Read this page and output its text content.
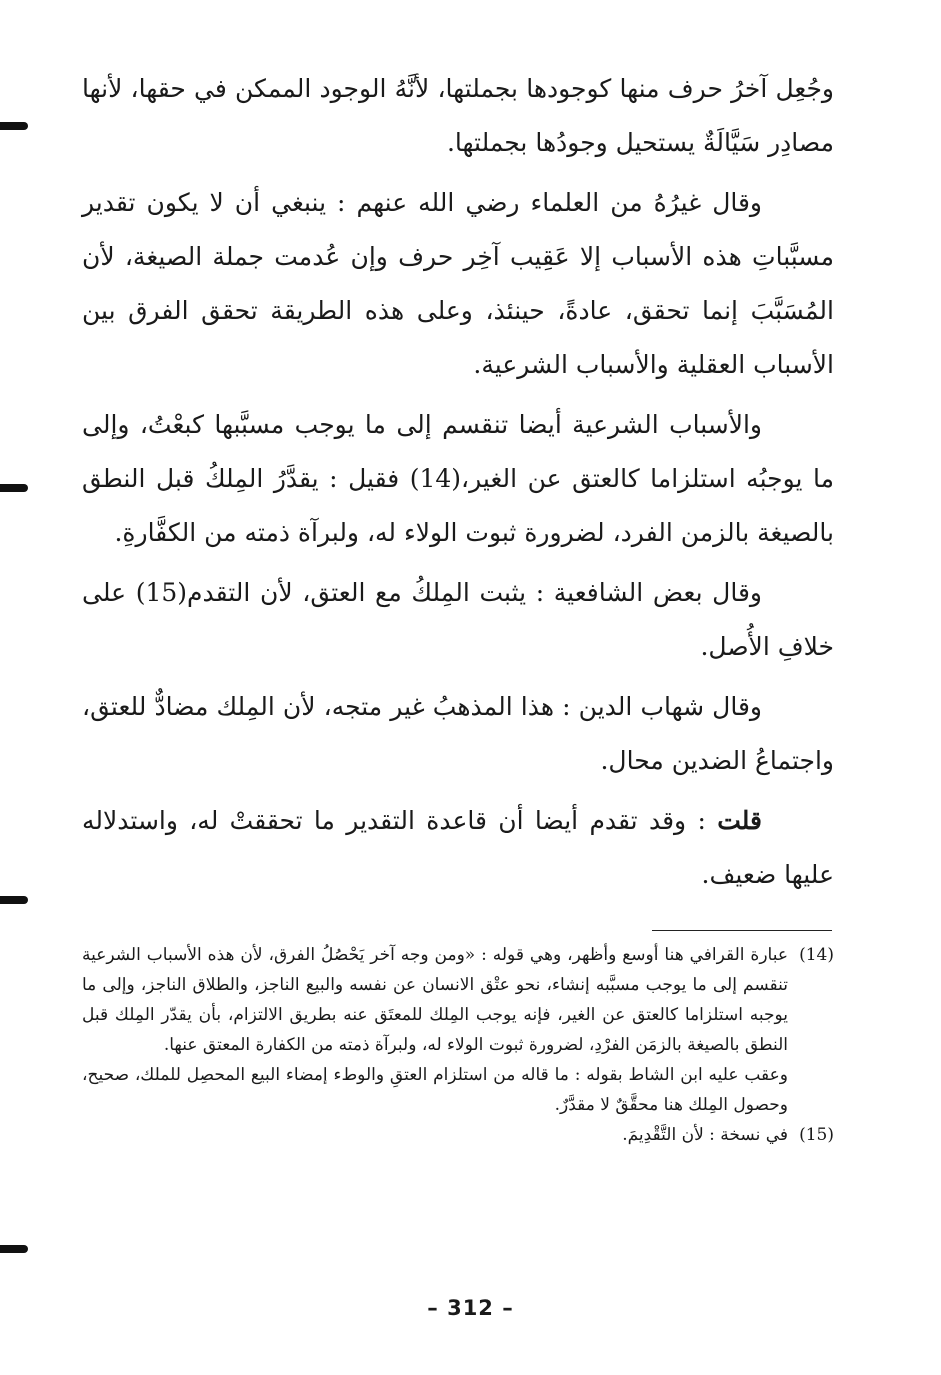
وجُعِل آخرُ حرف منها كوجودها بجملتها، لأنَّهُ الوجود الممكن في حقها، لأنها مصادِر سَيَّالَةٌ يستحيل وجودُها بجملتها.

وقال غيرُهُ من العلماء رضي الله عنهم : ينبغي أن لا يكون تقدير مسبَّباتِ هذه الأسباب إلا عَقِيب آخِر حرف وإن عُدمت جملة الصيغة، لأن المُسَبَّبَ إنما تحقق، عادةً، حينئذ، وعلى هذه الطريقة تحقق الفرق بين الأسباب العقلية والأسباب الشرعية.

والأسباب الشرعية أيضا تنقسم إلى ما يوجب مسبَّبها كبعْتُ، وإلى ما يوجبُه استلزاما كالعتق عن الغير،(14) فقيل : يقدَّرُ المِلكُ قبل النطق بالصيغة بالزمن الفرد، لضرورة ثبوت الولاء له، ولبرآة ذمته من الكفَّارةِ.

وقال بعض الشافعية : يثبت المِلكُ مع العتق، لأن التقدم(15) على خلافِ الأُصل.

وقال شهاب الدين : هذا المذهبُ غير متجه، لأن المِلك مضادٌّ للعتق، واجتماعُ الضدين محال.

قلت : وقد تقدم أيضا أن قاعدة التقدير ما تحققتْ له، واستدلاله عليها ضعيف.

(14)

عبارة القرافي هنا أوسع وأظهر، وهي قوله : «ومن وجه آخر يَحْصُلُ الفرق، لأن هذه الأسباب الشرعية تنقسم إلى ما يوجب مسبَّبه إنشاء، نحو عتْق الانسان عن نفسه والبيع الناجز، والطلاق الناجز، وإلى ما يوجبه استلزاما كالعتق عن الغير، فإنه يوجب المِلك للمعتَق عنه بطريق الالتزام، بأن يقدّر المِلك قبل النطق بالصيغة بالزمَن الفرْدِ، لضرورة ثبوت الولاء له، ولبرآة ذمته من الكفارة المعتق عنها.

وعقب عليه ابن الشاط بقوله : ما قاله من استلزام العتقِ والوطء إمضاء البيع المحصِل للملك، صحيح، وحصول المِلك هنا محقَّقٌ لا مقدَّرٌ.

(15)

في نسخة : لأن التَّقْدِيمَ.

– 312 –
